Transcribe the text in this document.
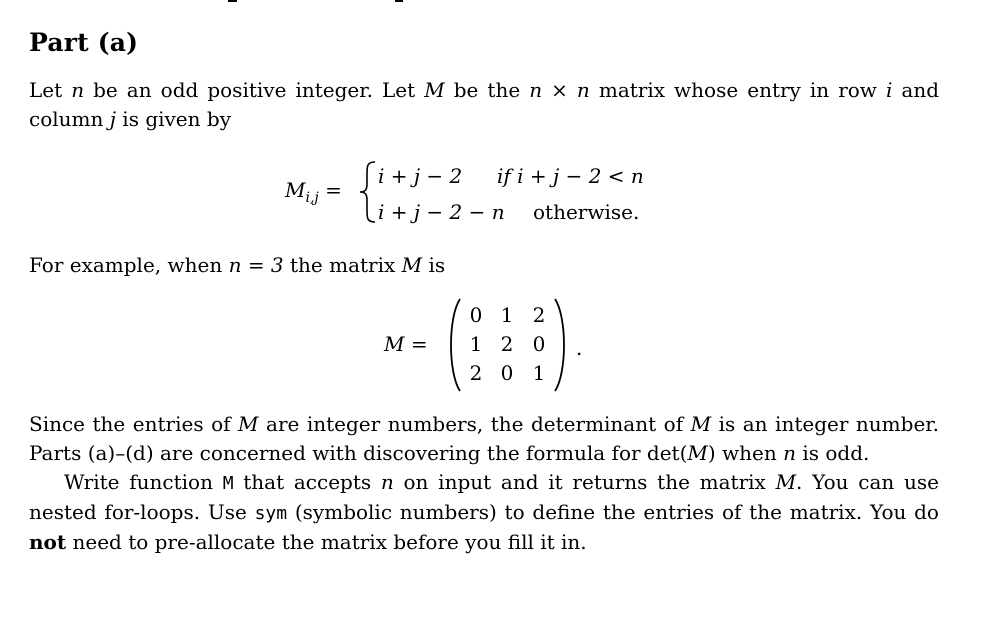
Part (a)

Let n be an odd positive integer. Let M be the n × n matrix whose entry in row i and column j is given by

$M_{i,j}$ =
i + j − 2 if i + j − 2 < n
i + j − 2 − n otherwise.

For example, when n = 3 the matrix M is

M =
0 1 2
1 2 0
2 0 1
.

Since the entries of M are integer numbers, the determinant of M is an integer number. Parts (a)–(d) are concerned with discovering the formula for det(M) when n is odd.
Write function M that accepts n on input and it returns the matrix M. You can use nested for-loops. Use sym (symbolic numbers) to define the entries of the matrix. You do not need to pre-allocate the matrix before you fill it in.
